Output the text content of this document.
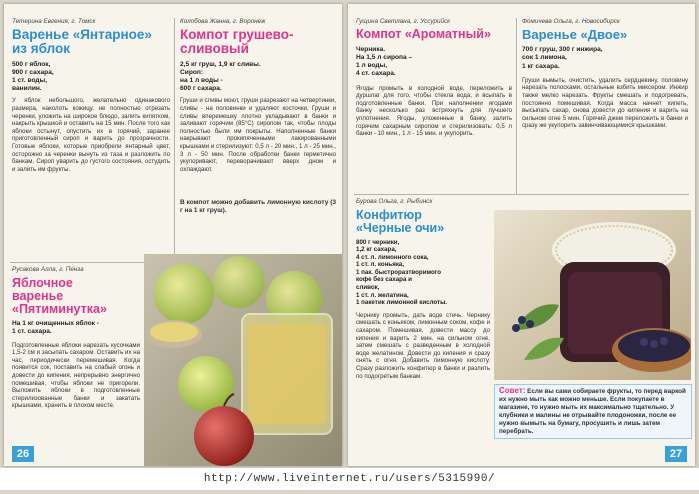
Тетерина Евгения, г. Томск
Варенье «Янтарное»
из яблок
500 г яблок,
900 г сахара,
1 ст. воды,
ванилин.
У яблок небольшого, желательно одинакового размера, наколоть кожицу, не полностью отрезать черенки, уложить на широкое блюдо, залить кипятком, накрыть крышкой и оставить на 15 мин. После того как яблоки остынут, опустить их в горячий, заранее приготовленный сироп и варить до прозрачности. Готовые яблоки, которые приобрели янтарный цвет, осторожно за черенки вынуть из таза и разложить по банкам. Сироп уварить до густого состояния, остудить и залить им фрукты.
Колобова Жанна, г. Воронеж
Компот грушево-
сливовый
2,5 кг груш, 1,9 кг сливы.
Сироп:
на 1 л воды -
600 г сахара.
Груши и сливы моют, груши разрезают на четвертинки, сливы - на половинки и удаляют косточки. Груши и сливы вперемешку плотно укладывают в банки и заливают горячим (85°C) сиропом так, чтобы плоды полностью были им покрыты. Наполненные банки накрывают прокипяченными лакированными крышками и стерилизуют: 0,5 л - 20 мин., 1 л - 25 мин., 3 л - 50 мин. После обработки банки герметично укупоривают, переворачивают вверх дном и охлаждают.
В компот можно добавить лимонную кислоту (3 г на 1 кг груш).
Русакова Алла, г. Пенза
Яблочное
варенье
«Пятиминутка»
На 1 кг очищенных яблок -
1 ст. сахара.
Подготовленные яблоки нарезать кусочками 1,5-2 см и засыпать сахаром. Оставить их на час, периодически перемешивая. Когда появится сок, поставить на слабый огонь и довести до кипения, непрерывно энергично помешивая, чтобы яблоки не пригорели. Выложить яблоки в подготовленные стерилизованные банки и закатать крышками, хранить в плохом месте.
26
Гущина Светлана, г. Уссурийск
Компот «Ароматный»
Черника.
На 1,5 л сиропа –
1 л воды,
4 ст. сахара.
Ягоды промыть в холодной воде, переложить в дуршлаг для того, чтобы стекла вода, и всыпать в подготовленные банки. При наполнении ягодами банку несколько раз встряхнуть для лучшего уплотнения. Ягоды, уложенные в банку, залить горячим сахарным сиропом и стерилизовать: 0,5 л банки - 10 мин., 1 л - 15 мин. и укупорить.
Фомичева Ольга, г. Новосибирск
Варенье «Двое»
700 г груш, 300 г инжира,
сок 1 лимона,
1 кг сахара.
Груши вымыть, очистить, удалить сердцевину, половину нарезать полосками, остальные взбить миксером. Инжир также мелко нарезать. Фрукты смешать и подогревать, постоянно помешивая. Когда масса начнет кипеть, высыпать сахар, снова довести до кипения и варить на сильном огне 5 мин. Горячий джем переложить в банки и сразу же укупорить завинчивающимися крышками.
Бурова Ольга, г. Рыбинск
Конфитюр
«Черные очи»
800 г черники,
1,2 кг сахара,
4 ст. л. лимонного сока,
1 ст. л. коньяка,
1 пак. быстроразтворимого
кофе без сахара и
сливок,
1 ст. л. желатина,
1 пакетик лимонной кислоты.
Чернику промыть, дать воде стечь. Чернику смешать с коньяком, лимонным соком, кофе и сахаром. Помешивая, довести массу до кипения и варить 2 мин. на сильном огне, затем смешать с разведенным в холодной воде желатином. Довести до кипения и сразу снять с огня. Добавить лимонную кислоту. Сразу разложить конфитюр в банки и разлить по подогретым банкам.
Совет: Если вы сами собираете фрукты, то перед варкой их нужно мыть как можно меньше. Если покупаете в магазине, то нужно мыть их максимально тщательно. У клубники и малины не отрывайте плодоножки, после ее нужно вымыть на бумагу, просушить и лишь затем перебрать.
27
http://www.liveinternet.ru/users/5315990/
